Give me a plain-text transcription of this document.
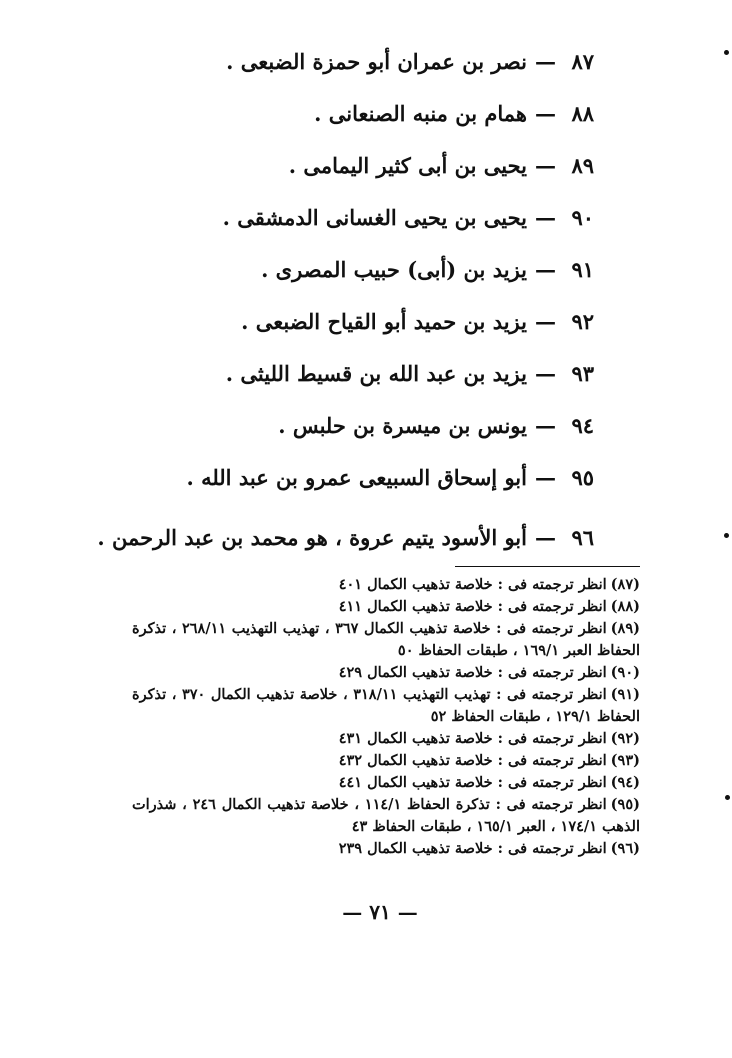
٨٧—نصر بن عمران أبو حمزة الضبعى .
٨٨—همام بن منبه الصنعانى .
٨٩—يحيى بن أبى كثير اليمامى .
٩٠—يحيى بن يحيى الغسانى الدمشقى .
٩١—يزيد بن (أبى) حبيب المصرى .
٩٢—يزيد بن حميد أبو القياح الضبعى .
٩٣—يزيد بن عبد الله بن قسيط الليثى .
٩٤—يونس بن ميسرة بن حلبس .
٩٥—أبو إسحاق السبيعى عمرو بن عبد الله .
٩٦—أبو الأسود يتيم عروة ، هو محمد بن عبد الرحمن .

(٨٧)انظر ترجمته فى : خلاصة تذهيب الكمال ٤٠١

(٨٨)انظر ترجمته فى : خلاصة تذهيب الكمال ٤١١

(٨٩)انظر ترجمته فى : خلاصة تذهيب الكمال ٣٦٧ ، تهذيب التهذيب ٢٦٨/١١ ، تذكرة الحفاظ العبر ١٦٩/١ ، طبقات الحفاظ ٥٠

(٩٠)انظر ترجمته فى : خلاصة تذهيب الكمال ٤٢٩

(٩١)انظر ترجمته فى : تهذيب التهذيب ٣١٨/١١ ، خلاصة تذهيب الكمال ٣٧٠ ، تذكرة الحفاظ ١٢٩/١ ، طبقات الحفاظ ٥٢

(٩٢)انظر ترجمته فى : خلاصة تذهيب الكمال ٤٣١

(٩٣)انظر ترجمته فى : خلاصة تذهيب الكمال ٤٣٢

(٩٤)انظر ترجمته فى : خلاصة تذهيب الكمال ٤٤١

(٩٥)انظر ترجمته فى : تذكرة الحفاظ ١١٤/١ ، خلاصة تذهيب الكمال ٢٤٦ ، شذرات الذهب ١٧٤/١ ، العبر ١٦٥/١ ، طبقات الحفاظ ٤٣

(٩٦)انظر ترجمته فى : خلاصة تذهيب الكمال ٢٣٩

— ٧١ —
